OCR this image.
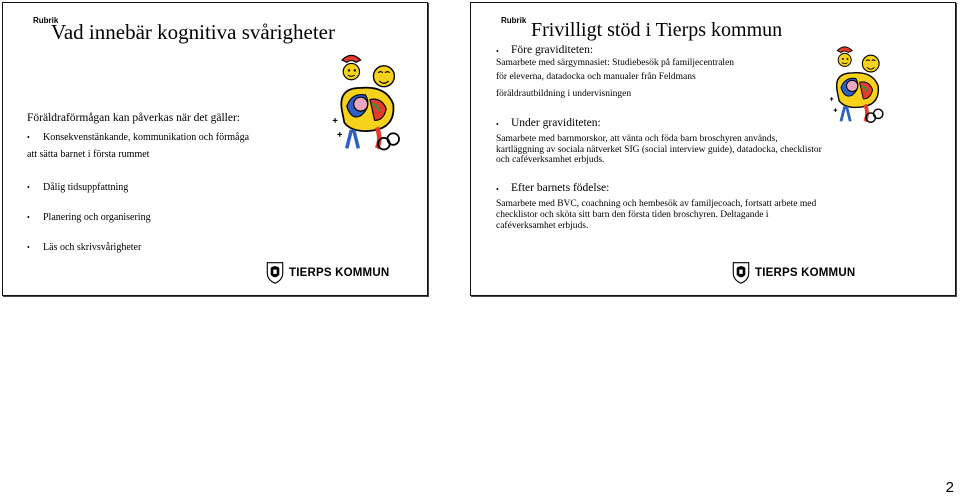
Rubrik
Vad innebär kognitiva svårigheter
Föräldraförmågan kan påverkas när det gäller:
• Konsekvenstänkande, kommunikation och förmåga
att sätta barnet i första rummet
• Dålig tidsuppfattning
• Planering och organisering
• Läs och skrivsvårigheter
TIERPS KOMMUN
Rubrik Frivilligt stöd i Tierps kommun
• Före graviditeten:
Samarbete med särgymnasiet: Studiebesök på familjecentralen
för eleverna, datadocka och manualer från Feldmans
föräldrautbildning i undervisningen
• Under graviditeten:
Samarbete med barnmorskor, att vänta och föda barn broschyren används,
kartläggning av sociala nätverket SIG (social interview guide), datadocka, checklistor
och caféverksamhet erbjuds.
• Efter barnets födelse:
Samarbete med BVC, coachning och hembesök av familjecoach, fortsatt arbete med
checklistor och sköta sitt barn den första tiden broschyren. Deltagande i
caféverksamhet erbjuds.
TIERPS KOMMUN
2
